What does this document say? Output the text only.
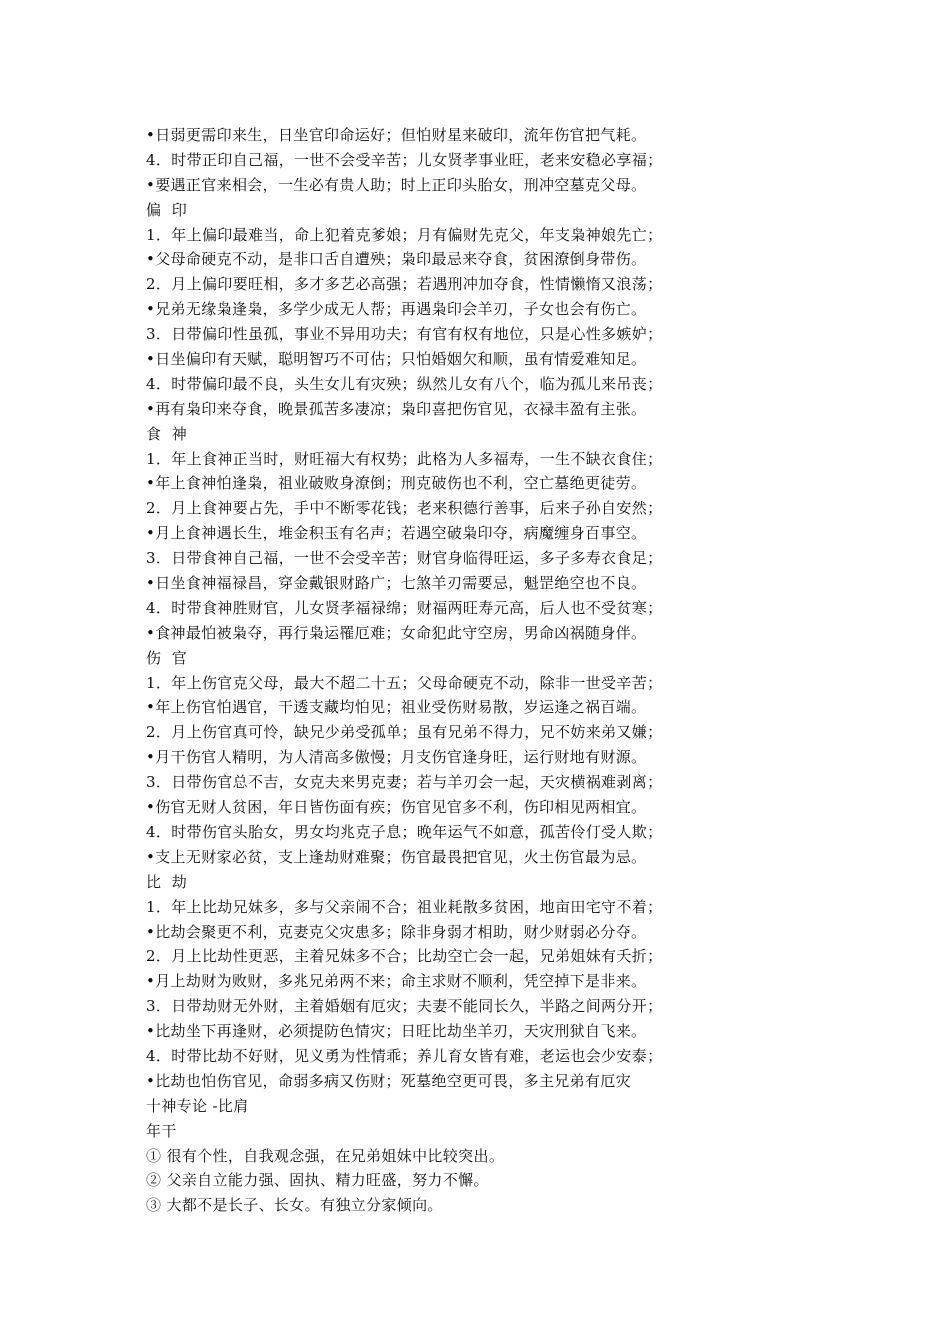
•日弱更需印来生，日坐官印命运好；但怕财星来破印，流年伤官把气耗。
4．时带正印自己福，一世不会受辛苦；儿女贤孝事业旺，老来安稳必享福；
•要遇正官来相会，一生必有贵人助；时上正印头胎女，刑冲空墓克父母。
偏 印
1．年上偏印最难当，命上犯着克爹娘；月有偏财先克父，年支枭神娘先亡；
•父母命硬克不动，是非口舌自遭殃；枭印最忌来夺食，贫困潦倒身带伤。
2．月上偏印要旺相，多才多艺必高强；若遇刑冲加夺食，性情懒惰又浪荡；
•兄弟无缘枭逢枭，多学少成无人帮；再遇枭印会羊刃，子女也会有伤亡。
3．日带偏印性虽孤，事业不异用功夫；有官有权有地位，只是心性多嫉妒；
•日坐偏印有天赋，聪明智巧不可估；只怕婚姻欠和顺，虽有情爱难知足。
4．时带偏印最不良，头生女儿有灾殃；纵然儿女有八个，临为孤儿来吊丧；
•再有枭印来夺食，晚景孤苦多凄凉；枭印喜把伤官见，衣禄丰盈有主张。
食 神
1．年上食神正当时，财旺福大有权势；此格为人多福寿，一生不缺衣食住；
•年上食神怕逢枭，祖业破败身潦倒；刑克破伤也不利，空亡墓绝更徒劳。
2．月上食神要占先，手中不断零花钱；老来积德行善事，后来子孙自安然；
•月上食神遇长生，堆金积玉有名声；若遇空破枭印夺，病魔缠身百事空。
3．日带食神自己福，一世不会受辛苦；财官身临得旺运，多子多寿衣食足；
•日坐食神福禄昌，穿金戴银财路广；七煞羊刃需要忌，魁罡绝空也不良。
4．时带食神胜财官，儿女贤孝福禄绵；财福两旺寿元高，后人也不受贫寒；
•食神最怕被枭夺，再行枭运罹厄难；女命犯此守空房，男命凶祸随身伴。
伤 官
1．年上伤官克父母，最大不超二十五；父母命硬克不动，除非一世受辛苦；
•年上伤官怕遇官，干透支藏均怕见；祖业受伤财易散，岁运逢之祸百端。
2．月上伤官真可怜，缺兄少弟受孤单；虽有兄弟不得力，兄不妨来弟又嫌；
•月干伤官人精明，为人清高多傲慢；月支伤官逢身旺，运行财地有财源。
3．日带伤官总不吉，女克夫来男克妻；若与羊刃会一起，天灾横祸难剥离；
•伤官无财人贫困，年日皆伤面有疾；伤官见官多不利，伤印相见两相宜。
4．时带伤官头胎女，男女均兆克子息；晚年运气不如意，孤苦伶仃受人欺；
•支上无财家必贫，支上逢劫财难聚；伤官最畏把官见，火土伤官最为忌。
比 劫
1．年上比劫兄妹多，多与父亲闹不合；祖业耗散多贫困，地亩田宅守不着；
•比劫会聚更不利，克妻克父灾患多；除非身弱才相助，财少财弱必分夺。
2．月上比劫性更恶，主着兄妹多不合；比劫空亡会一起，兄弟姐妹有夭折；
•月上劫财为败财，多兆兄弟两不来；命主求财不顺利，凭空掉下是非来。
3．日带劫财无外财，主着婚姻有厄灾；夫妻不能同长久，半路之间两分开；
•比劫坐下再逢财，必须提防色情灾；日旺比劫坐羊刃，天灾刑狱自飞来。
4．时带比劫不好财，见义勇为性情乖；养儿育女皆有难，老运也会少安泰；
•比劫也怕伤官见，命弱多病又伤财；死墓绝空更可畏，多主兄弟有厄灾
十神专论 -比肩
年干
① 很有个性，自我观念强，在兄弟姐妹中比较突出。
② 父亲自立能力强、固执、精力旺盛，努力不懈。
③ 大都不是长子、长女。有独立分家倾向。
